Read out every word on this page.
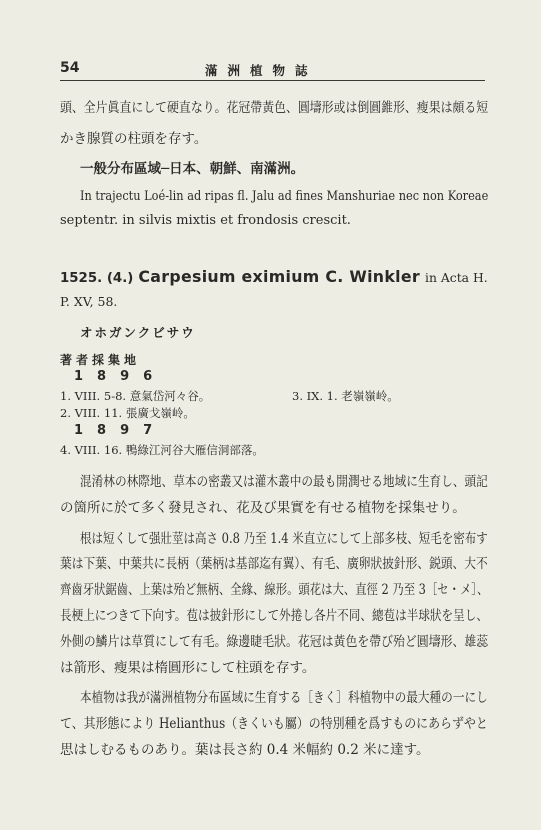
54	滿洲植物誌
頭、全片眞直にして硬直なり。花冠帶黃色、圓壔形或は倒圓錐形、瘦果は頗る短
かき腺質の柱頭を存す。
一般分布區域─日本、朝鮮、南滿洲。
In trajectu Loé-lin ad ripas fl. Jalu ad fines Manshuriae nec non Koreae
septentr. in silvis mixtis et frondosis crescit.
1525. (4.) Carpesium eximium C. Winkler in Acta H.
P. XV, 58.
オホガンクビサウ
著者採集地
1896
1. VIII. 5-8. 意氣岱河々谷。	3. IX. 1. 老嶺嶺岭。
2. VIII. 11. 張廣戈嶺岭。
1897
4. VIII. 16. 鴨綠江河谷大雁信洞部落。
混淆林の林際地、草本の密叢又は灌木叢中の最も開潤せる地域に生育し、頭記
の箇所に於て多く發見され、花及び果實を有せる植物を採集せり。
根は短くして强壯莖は高さ 0.8 乃至 1.4 米直立にして上部多枝、短毛を密布す
葉は下葉、中葉共に長柄（葉柄は基部迄有翼）、有毛、廣卵狀披針形、鋭頭、大不
齊齒牙狀鋸齒、上葉は殆ど無柄、全緣、線形。頭花は大、直徑 2 乃至 3［セ・メ］、
長梗上につきて下向す。苞は披針形にして外捲し各片不同、總苞は半球狀を呈し、
外側の鱗片は草質にして有毛。綠邊睫毛狀。花冠は黃色を帶び殆ど圓壔形、雄蕊
は箭形、瘦果は楕圓形にして柱頭を存す。
本植物は我が滿洲植物分布區域に生育する［きく］科植物中の最大種の一にし
て、其形態により Helianthus（きくいも屬）の特別種を爲すものにあらずやと
思はしむるものあり。葉は長さ約 0.4 米幅約 0.2 米に達す。
